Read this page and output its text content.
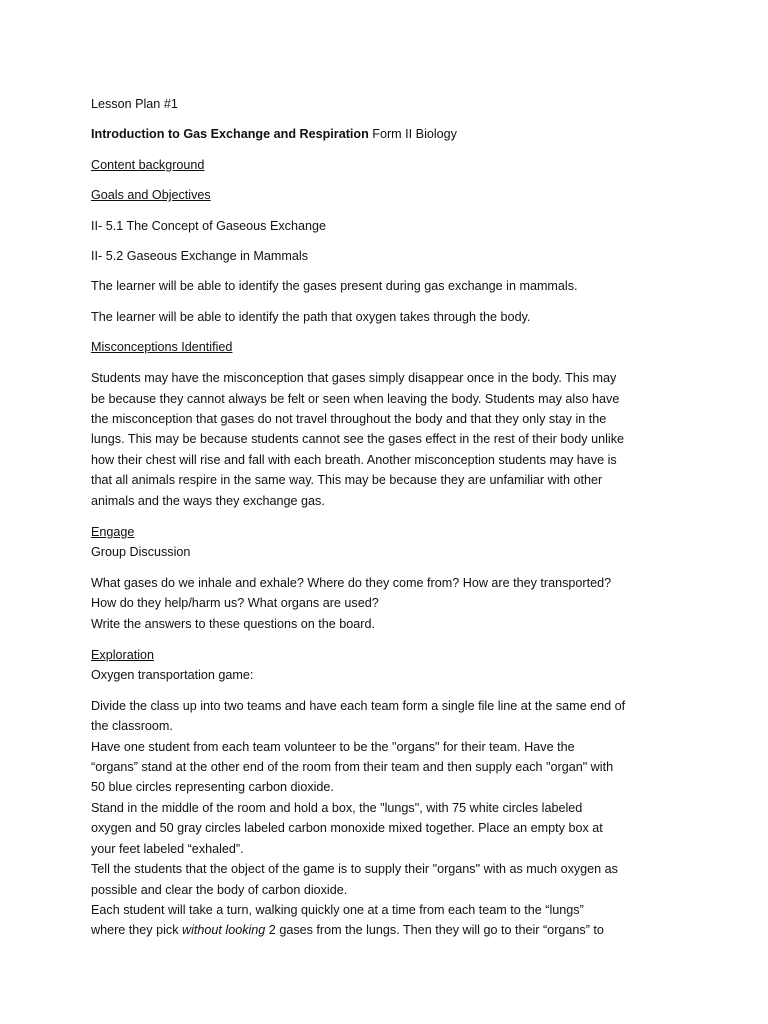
Lesson Plan #1

Introduction to Gas Exchange and Respiration Form II Biology

Content background

Goals and Objectives

II- 5.1 The Concept of Gaseous Exchange

II- 5.2 Gaseous Exchange in Mammals

The learner will be able to identify the gases present during gas exchange in mammals.

The learner will be able to identify the path that oxygen takes through the body.

Misconceptions Identified

Students may have the misconception that gases simply disappear once in the body. This may
be because they cannot always be felt or seen when leaving the body. Students may also have
the misconception that gases do not travel throughout the body and that they only stay in the
lungs. This may be because students cannot see the gases effect in the rest of their body unlike
how their chest will rise and fall with each breath. Another misconception students may have is
that all animals respire in the same way. This may be because they are unfamiliar with other
animals and the ways they exchange gas.
Engage
Group Discussion
What gases do we inhale and exhale? Where do they come from? How are they transported?
How do they help/harm us? What organs are used?
Write the answers to these questions on the board.
Exploration
Oxygen transportation game:
Divide the class up into two teams and have each team form a single file line at the same end of
the classroom.
Have one student from each team volunteer to be the "organs" for their team. Have the
“organs” stand at the other end of the room from their team and then supply each "organ" with
50 blue circles representing carbon dioxide.
Stand in the middle of the room and hold a box, the "lungs", with 75 white circles labeled
oxygen and 50 gray circles labeled carbon monoxide mixed together. Place an empty box at
your feet labeled “exhaled”.
Tell the students that the object of the game is to supply their "organs" with as much oxygen as
possible and clear the body of carbon dioxide.
Each student will take a turn, walking quickly one at a time from each team to the “lungs”
where they pick without looking 2 gases from the lungs. Then they will go to their “organs” to
